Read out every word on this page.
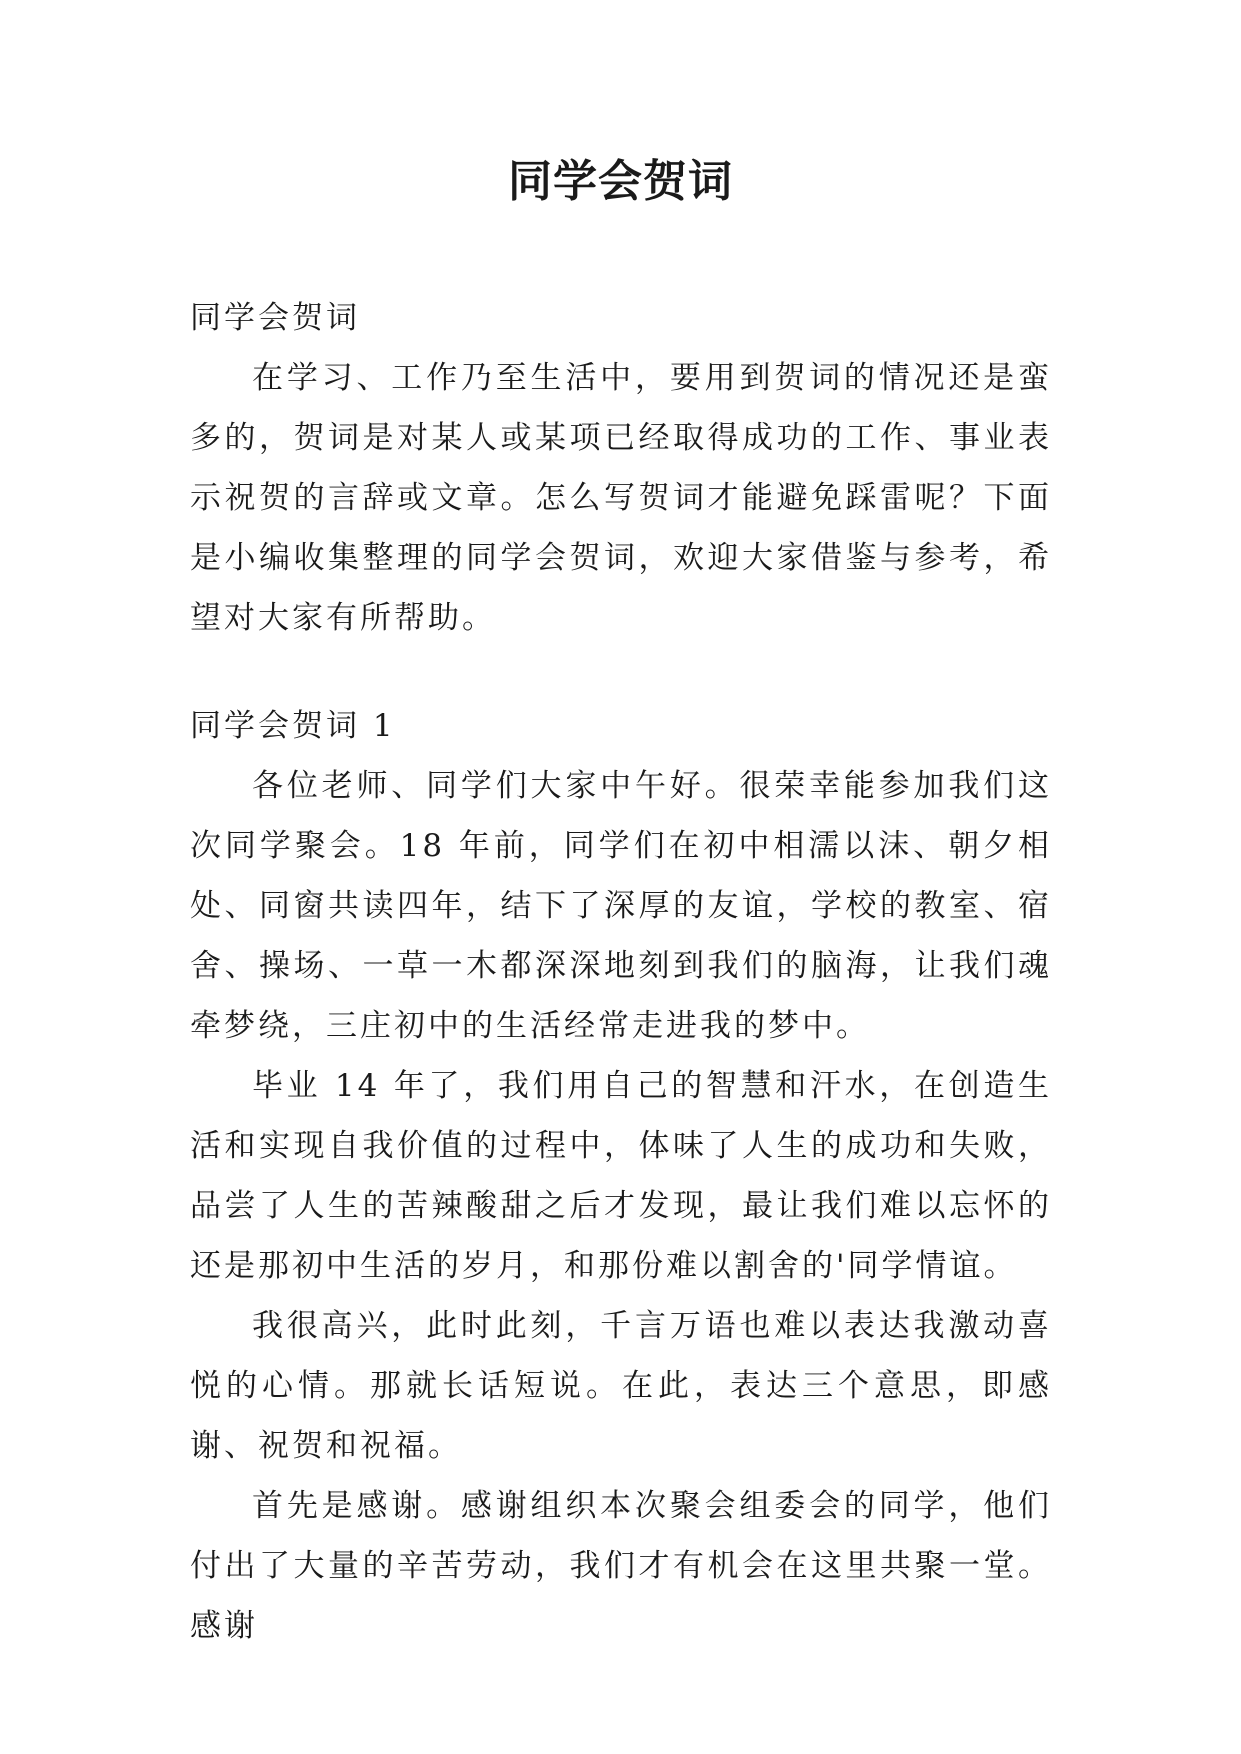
同学会贺词

同学会贺词

在学习、工作乃至生活中，要用到贺词的情况还是蛮多的，贺词是对某人或某项已经取得成功的工作、事业表示祝贺的言辞或文章。怎么写贺词才能避免踩雷呢？下面是小编收集整理的同学会贺词，欢迎大家借鉴与参考，希望对大家有所帮助。

同学会贺词 1

各位老师、同学们大家中午好。很荣幸能参加我们这次同学聚会。18 年前，同学们在初中相濡以沫、朝夕相处、同窗共读四年，结下了深厚的友谊，学校的教室、宿舍、操场、一草一木都深深地刻到我们的脑海，让我们魂牵梦绕，三庄初中的生活经常走进我的梦中。

毕业 14 年了，我们用自己的智慧和汗水，在创造生活和实现自我价值的过程中，体味了人生的成功和失败，品尝了人生的苦辣酸甜之后才发现，最让我们难以忘怀的还是那初中生活的岁月，和那份难以割舍的'同学情谊。

我很高兴，此时此刻，千言万语也难以表达我激动喜悦的心情。那就长话短说。在此，表达三个意思，即感谢、祝贺和祝福。

首先是感谢。感谢组织本次聚会组委会的同学，他们付出了大量的辛苦劳动，我们才有机会在这里共聚一堂。感谢
